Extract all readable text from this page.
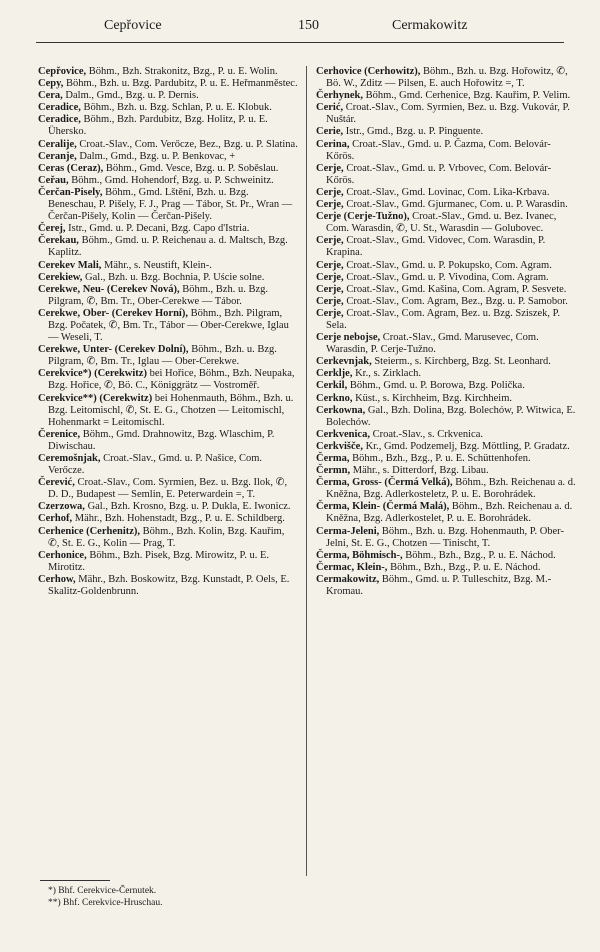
Cepřovice	150	Cermakowitz
Cepřovice, Böhm., Bzh. Strakonitz, Bzg., P. u. E. Wolin.
Cepy, Böhm., Bzh. u. Bzg. Pardubitz, P. u. E. Heřmanměstec.
Cera, Dalm., Gmd., Bzg. u. P. Dernis.
Ceradice, Böhm., Bzh. u. Bzg. Schlan, P. u. E. Klobuk.
Ceradice, Böhm., Bzh. Pardubitz, Bzg. Holitz, P. u. E. Ühersko.
Ceralije, Croat.-Slav., Com. Verőcze, Bez., Bzg. u. P. Slatina.
Ceranje, Dalm., Gmd., Bzg. u. P. Benkovac, +
Ceras (Ceraz), Böhm., Gmd. Vesce, Bzg. u. P. Soběslau.
Ceřau, Böhm., Gmd. Hohendorf, Bzg. u. P. Schweinitz.
Čerčan-Pisely, Böhm., Gmd. Lštění, Bzh. u. Bzg. Beneschau, P. Pišely, F. J., Prag — Tábor, St. Pr., Wran — Čerčan-Pišely, Kolin — Čerčan-Pišely.
Čerej, Istr., Gmd. u. P. Decani, Bzg. Capo d'Istria.
Čerekau, Böhm., Gmd. u. P. Reichenau a. d. Maltsch, Bzg. Kaplitz.
Cerekev Mali, Mähr., s. Neustift, Klein-.
Cerekiew, Gal., Bzh. u. Bzg. Bochnia, P. Uście solne.
Cerekwe, Neu- (Cerekev Nová), Böhm., Bzh. u. Bzg. Pilgram, ✆, Bm. Tr., Ober-Cerekwe — Tábor.
Cerekwe, Ober- (Cerekev Horní), Böhm., Bzh. Pilgram, Bzg. Počatek, ✆, Bm. Tr., Tábor — Ober-Cerekwe, Iglau — Weseli, T.
Cerekwe, Unter- (Cerekev Dolní), Böhm., Bzh. u. Bzg. Pilgram, ✆, Bm. Tr., Iglau — Ober-Cerekwe.
Cerekvice*) (Cerekwitz) bei Hořice, Böhm., Bzh. Neupaka, Bzg. Hořice, ✆, Bö. C., Königgrätz — Vostroměř.
Cerekvice**) (Cerekwitz) bei Hohenmauth, Böhm., Bzh. u. Bzg. Leitomischl, ✆, St. E. G., Chotzen — Leitomischl, Hohenmarkt = Leitomischl.
Čerenice, Böhm., Gmd. Drahnowitz, Bzg. Wlaschim, P. Diwischau.
Ceremošnjak, Croat.-Slav., Gmd. u. P. Našice, Com. Verőcze.
Čerević, Croat.-Slav., Com. Syrmien, Bez. u. Bzg. Ilok, ✆, D. D., Budapest — Semlin, E. Peterwardein =, T.
Czerzowa, Gal., Bzh. Krosno, Bzg. u. P. Dukla, E. Iwonicz.
Cerhof, Mähr., Bzh. Hohenstadt, Bzg., P. u. E. Schildberg.
Cerhenice (Cerhenitz), Böhm., Bzh. Kolin, Bzg. Kauřim, ✆, St. E. G., Kolin — Prag, T.
Cerhonice, Böhm., Bzh. Pisek, Bzg. Mirowitz, P. u. E. Mirotitz.
Cerhow, Mähr., Bzh. Boskowitz, Bzg. Kunstadt, P. Oels, E. Skalitz-Goldenbrunn.
Cerhovice (Cerhowitz), Böhm., Bzh. u. Bzg. Hořowitz, ✆, Bö. W., Zditz — Pilsen, E. auch Hořowitz =, T.
Čerhynek, Böhm., Gmd. Cerhenice, Bzg. Kauřim, P. Velim.
Cerić, Croat.-Slav., Com. Syrmien, Bez. u. Bzg. Vukovár, P. Nuštár.
Cerie, Istr., Gmd., Bzg. u. P. Pinguente.
Cerina, Croat.-Slav., Gmd. u. P. Čazma, Com. Belovár-Kőrös.
Cerje, Croat.-Slav., Gmd. u. P. Vrbovec, Com. Belovár-Kőrös.
Cerje, Croat.-Slav., Gmd. Lovinac, Com. Lika-Krbava.
Cerje, Croat.-Slav., Gmd. Gjurmanec, Com. u. P. Warasdin.
Cerje (Cerje-Tužno), Croat.-Slav., Gmd. u. Bez. Ivanec, Com. Warasdin, ✆, U. St., Warasdin — Golubovec.
Cerje, Croat.-Slav., Gmd. Vidovec, Com. Warasdin, P. Krapina.
Cerje, Croat.-Slav., Gmd. u. P. Pokupsko, Com. Agram.
Cerje, Croat.-Slav., Gmd. u. P. Vivodina, Com. Agram.
Cerje, Croat.-Slav., Gmd. Kašina, Com. Agram, P. Sesvete.
Cerje, Croat.-Slav., Com. Agram, Bez., Bzg. u. P. Samobor.
Cerje, Croat.-Slav., Com. Agram, Bez. u. Bzg. Sziszek, P. Sela.
Cerje nebojse, Croat.-Slav., Gmd. Marusevec, Com. Warasdin, P. Cerje-Tužno.
Cerkevnjak, Steierm., s. Kirchberg, Bzg. St. Leonhard.
Cerklje, Kr., s. Zirklach.
Cerkil, Böhm., Gmd. u. P. Borowa, Bzg. Polička.
Cerkno, Küst., s. Kirchheim, Bzg. Kirchheim.
Cerkowna, Gal., Bzh. Dolina, Bzg. Bolechów, P. Witwica, E. Bolechów.
Cerkvenica, Croat.-Slav., s. Crkvenica.
Cerkvišče, Kr., Gmd. Podzemelj, Bzg. Möttling, P. Gradatz.
Čerma, Böhm., Bzh., Bzg., P. u. E. Schüttenhofen.
Čermn, Mähr., s. Ditterdorf, Bzg. Libau.
Čerma, Gross- (Čermá Velká), Böhm., Bzh. Reichenau a. d. Kněžna, Bzg. Adlerkosteletz, P. u. E. Borohrádek.
Čerma, Klein- (Čermá Malá), Böhm., Bzh. Reichenau a. d. Kněžna, Bzg. Adlerkostelet, P. u. E. Borohrádek.
Cerma-Jeleni, Böhm., Bzh. u. Bzg. Hohenmauth, P. Ober-Jelni, St. E. G., Chotzen — Tinischt, T.
Čerma, Böhmisch-, Böhm., Bzh., Bzg., P. u. E. Náchod.
Čermac, Klein-, Böhm., Bzh., Bzg., P. u. E. Náchod.
Cermakowitz, Böhm., Gmd. u. P. Tulleschitz, Bzg. M.-Kromau.
*) Bhf. Cerekvice-Černutek.
**) Bhf. Cerekvice-Hruschau.
